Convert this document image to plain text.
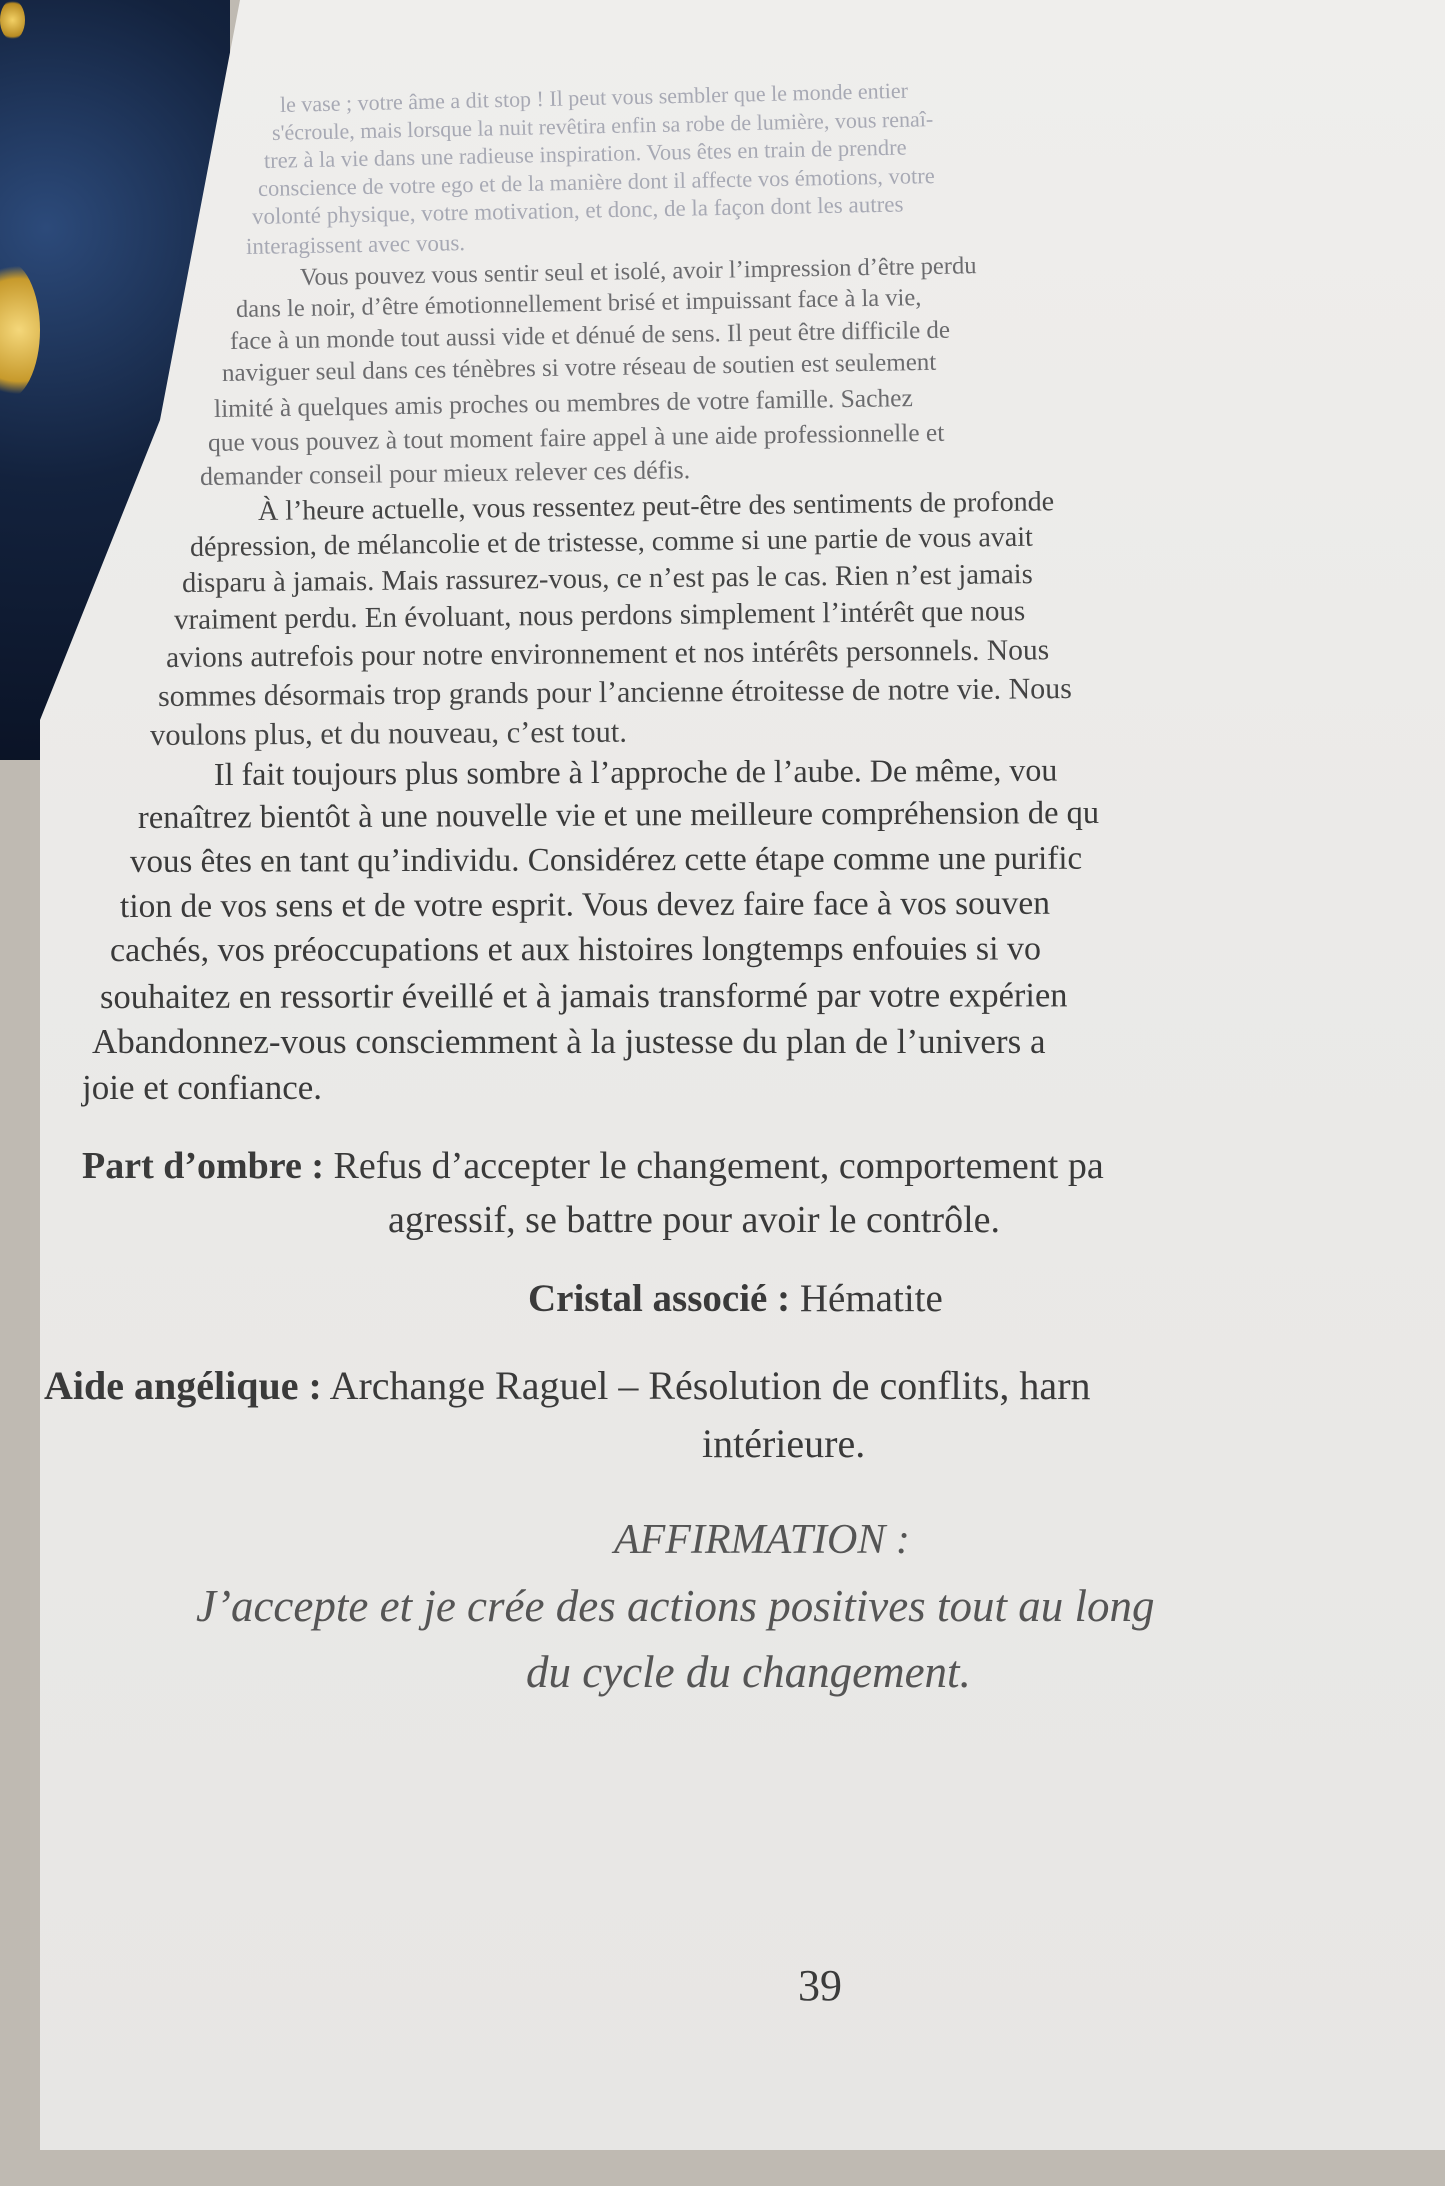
le vase ; votre âme a dit stop ! Il peut vous sembler que le monde entier
s'écroule, mais lorsque la nuit revêtira enfin sa robe de lumière, vous renaî-
trez à la vie dans une radieuse inspiration. Vous êtes en train de prendre
conscience de votre ego et de la manière dont il affecte vos émotions, votre
volonté physique, votre motivation, et donc, de la façon dont les autres
interagissent avec vous.
Vous pouvez vous sentir seul et isolé, avoir l’impression d’être perdu
dans le noir, d’être émotionnellement brisé et impuissant face à la vie,
face à un monde tout aussi vide et dénué de sens. Il peut être difficile de
naviguer seul dans ces ténèbres si votre réseau de soutien est seulement
limité à quelques amis proches ou membres de votre famille. Sachez
que vous pouvez à tout moment faire appel à une aide professionnelle et
demander conseil pour mieux relever ces défis.
À l’heure actuelle, vous ressentez peut-être des sentiments de profonde
dépression, de mélancolie et de tristesse, comme si une partie de vous avait
disparu à jamais. Mais rassurez-vous, ce n’est pas le cas. Rien n’est jamais
vraiment perdu. En évoluant, nous perdons simplement l’intérêt que nous
avions autrefois pour notre environnement et nos intérêts personnels. Nous
sommes désormais trop grands pour l’ancienne étroitesse de notre vie. Nous
voulons plus, et du nouveau, c’est tout.
Il fait toujours plus sombre à l’approche de l’aube. De même, vou
renaîtrez bientôt à une nouvelle vie et une meilleure compréhension de qu
vous êtes en tant qu’individu. Considérez cette étape comme une purific
tion de vos sens et de votre esprit. Vous devez faire face à vos souven
cachés, vos préoccupations et aux histoires longtemps enfouies si vo
souhaitez en ressortir éveillé et à jamais transformé par votre expérien
Abandonnez-vous consciemment à la justesse du plan de l’univers a
joie et confiance.
Part d’ombre : Refus d’accepter le changement, comportement pa
agressif, se battre pour avoir le contrôle.
Cristal associé : Hématite
Aide angélique : Archange Raguel – Résolution de conflits, harn
intérieure.
AFFIRMATION :
J’accepte et je crée des actions positives tout au long
du cycle du changement.
39
